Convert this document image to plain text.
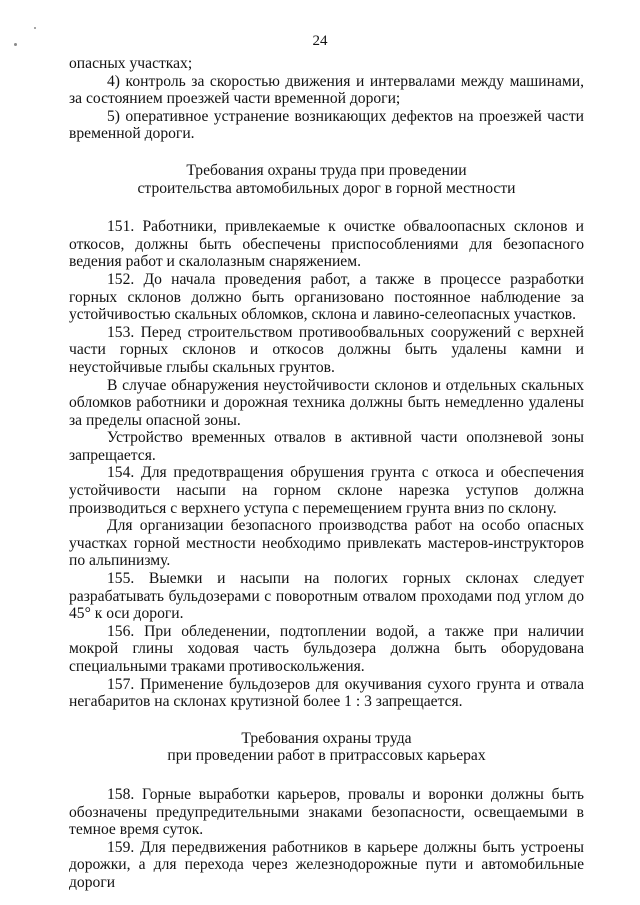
24

опасных участках;

4) контроль за скоростью движения и интервалами между машинами, за состоянием проезжей части временной дороги;

5) оперативное устранение возникающих дефектов на проезжей части временной дороги.

Требования охраны труда при проведении

строительства автомобильных дорог в горной местности

151. Работники, привлекаемые к очистке обвалоопасных склонов и откосов, должны быть обеспечены приспособлениями для безопасного ведения работ и скалолазным снаряжением.

152. До начала проведения работ, а также в процессе разработки горных склонов должно быть организовано постоянное наблюдение за устойчивостью скальных обломков, склона и лавино-селеопасных участков.

153. Перед строительством противообвальных сооружений с верхней части горных склонов и откосов должны быть удалены камни и неустойчивые глыбы скальных грунтов.

В случае обнаружения неустойчивости склонов и отдельных скальных обломков работники и дорожная техника должны быть немедленно удалены за пределы опасной зоны.

Устройство временных отвалов в активной части оползневой зоны запрещается.

154. Для предотвращения обрушения грунта с откоса и обеспечения устойчивости насыпи на горном склоне нарезка уступов должна производиться с верхнего уступа с перемещением грунта вниз по склону.

Для организации безопасного производства работ на особо опасных участках горной местности необходимо привлекать мастеров-инструкторов по альпинизму.

155. Выемки и насыпи на пологих горных склонах следует разрабатывать бульдозерами с поворотным отвалом проходами под углом до 45° к оси дороги.

156. При обледенении, подтоплении водой, а также при наличии мокрой глины ходовая часть бульдозера должна быть оборудована специальными траками противоскольжения.

157. Применение бульдозеров для окучивания сухого грунта и отвала негабаритов на склонах крутизной более 1 : 3 запрещается.

Требования охраны труда

при проведении работ в притрассовых карьерах

158. Горные выработки карьеров, провалы и воронки должны быть обозначены предупредительными знаками безопасности, освещаемыми в темное время суток.

159. Для передвижения работников в карьере должны быть устроены дорожки, а для перехода через железнодорожные пути и автомобильные дороги
